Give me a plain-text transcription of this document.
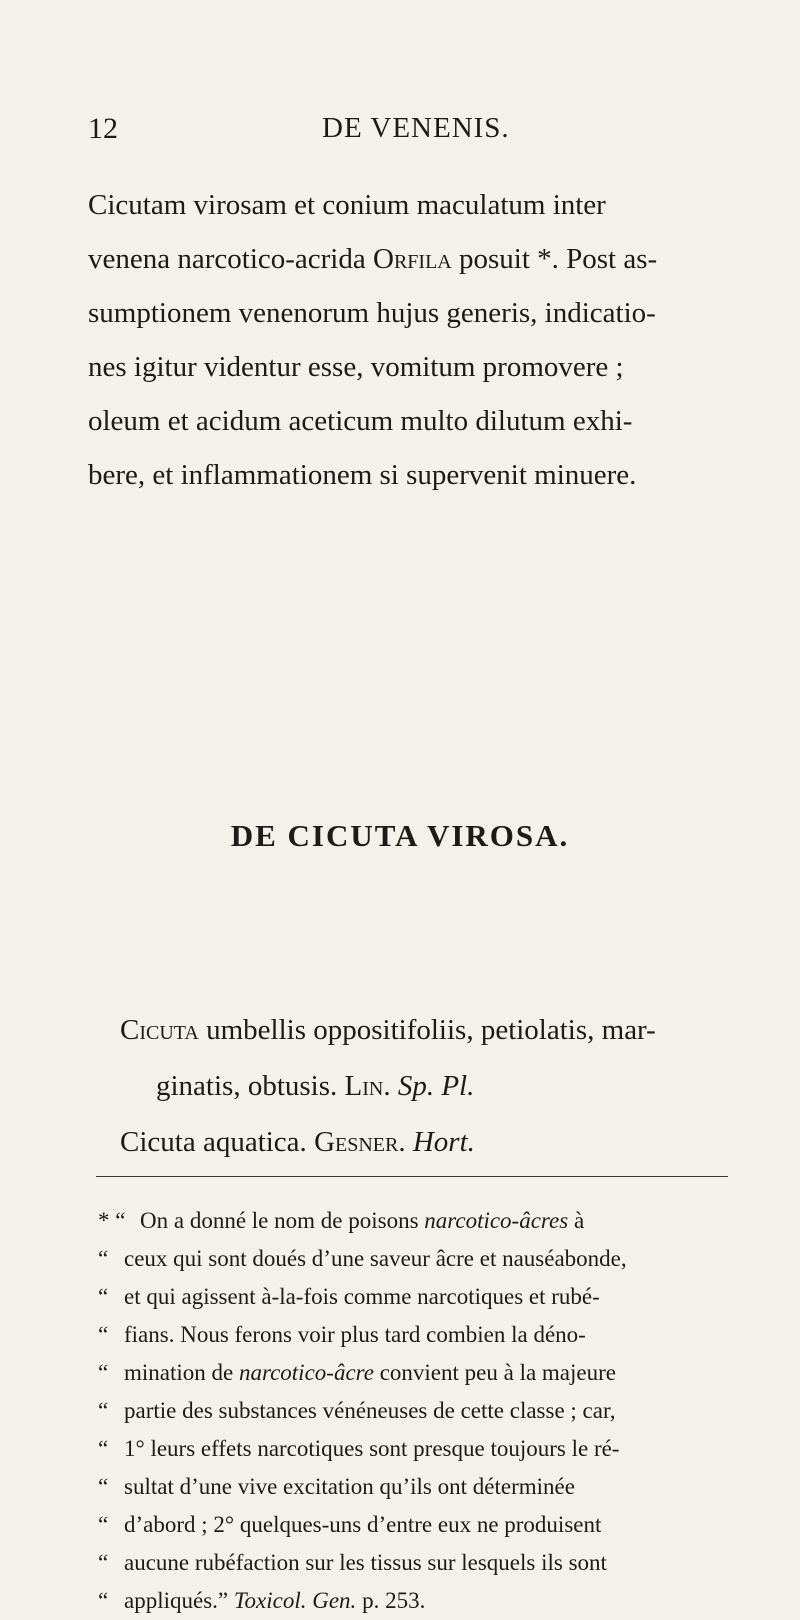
12	DE VENENIS.
Cicutam virosam et conium maculatum inter
venena narcotico-acrida Orfila posuit *. Post as-
sumptionem venenorum hujus generis, indicatio-
nes igitur videntur esse, vomitum promovere ;
oleum et acidum aceticum multo dilutum exhi-
bere, et inflammationem si supervenit minuere.
DE CICUTA VIROSA.
Cicuta umbellis oppositifoliis, petiolatis, mar-
ginatis, obtusis. Lin. Sp. Pl.
Cicuta aquatica. Gesner. Hort.
* “ On a donné le nom de poisons narcotico-âcres à
“ ceux qui sont doués d’une saveur âcre et nauséabonde,
“ et qui agissent à-la-fois comme narcotiques et rubé-
“ fians. Nous ferons voir plus tard combien la déno-
“ mination de narcotico-âcre convient peu à la majeure
“ partie des substances vénéneuses de cette classe ; car,
“ 1° leurs effets narcotiques sont presque toujours le ré-
“ sultat d’une vive excitation qu’ils ont déterminée
“ d’abord ; 2° quelques-uns d’entre eux ne produisent
“ aucune rubéfaction sur les tissus sur lesquels ils sont
“ appliqués.” Toxicol. Gen. p. 253.
